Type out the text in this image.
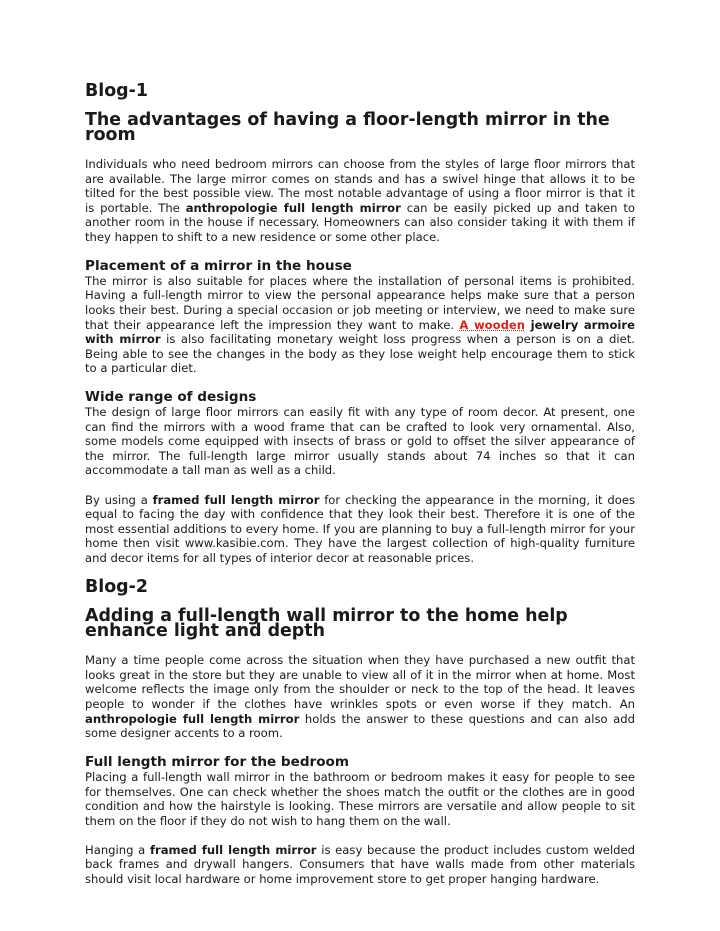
Blog-1
The advantages of having a floor-length mirror in the room

Individuals who need bedroom mirrors can choose from the styles of large floor mirrors that are available. The large mirror comes on stands and has a swivel hinge that allows it to be tilted for the best possible view. The most notable advantage of using a floor mirror is that it is portable. The anthropologie full length mirror can be easily picked up and taken to another room in the house if necessary. Homeowners can also consider taking it with them if they happen to shift to a new residence or some other place.

Placement of a mirror in the house

The mirror is also suitable for places where the installation of personal items is prohibited. Having a full-length mirror to view the personal appearance helps make sure that a person looks their best. During a special occasion or job meeting or interview, we need to make sure that their appearance left the impression they want to make. A wooden jewelry armoire with mirror is also facilitating monetary weight loss progress when a person is on a diet. Being able to see the changes in the body as they lose weight help encourage them to stick to a particular diet.

Wide range of designs

The design of large floor mirrors can easily fit with any type of room decor. At present, one can find the mirrors with a wood frame that can be crafted to look very ornamental. Also, some models come equipped with insects of brass or gold to offset the silver appearance of the mirror. The full-length large mirror usually stands about 74 inches so that it can accommodate a tall man as well as a child.

By using a framed full length mirror for checking the appearance in the morning, it does equal to facing the day with confidence that they look their best. Therefore it is one of the most essential additions to every home. If you are planning to buy a full-length mirror for your home then visit www.kasibie.com. They have the largest collection of high-quality furniture and decor items for all types of interior decor at reasonable prices.

Blog-2
Adding a full-length wall mirror to the home help enhance light and depth

Many a time people come across the situation when they have purchased a new outfit that looks great in the store but they are unable to view all of it in the mirror when at home. Most welcome reflects the image only from the shoulder or neck to the top of the head. It leaves people to wonder if the clothes have wrinkles spots or even worse if they match. An anthropologie full length mirror holds the answer to these questions and can also add some designer accents to a room.

Full length mirror for the bedroom

Placing a full-length wall mirror in the bathroom or bedroom makes it easy for people to see for themselves. One can check whether the shoes match the outfit or the clothes are in good condition and how the hairstyle is looking. These mirrors are versatile and allow people to sit them on the floor if they do not wish to hang them on the wall.

Hanging a framed full length mirror is easy because the product includes custom welded back frames and drywall hangers. Consumers that have walls made from other materials should visit local hardware or home improvement store to get proper hanging hardware.
